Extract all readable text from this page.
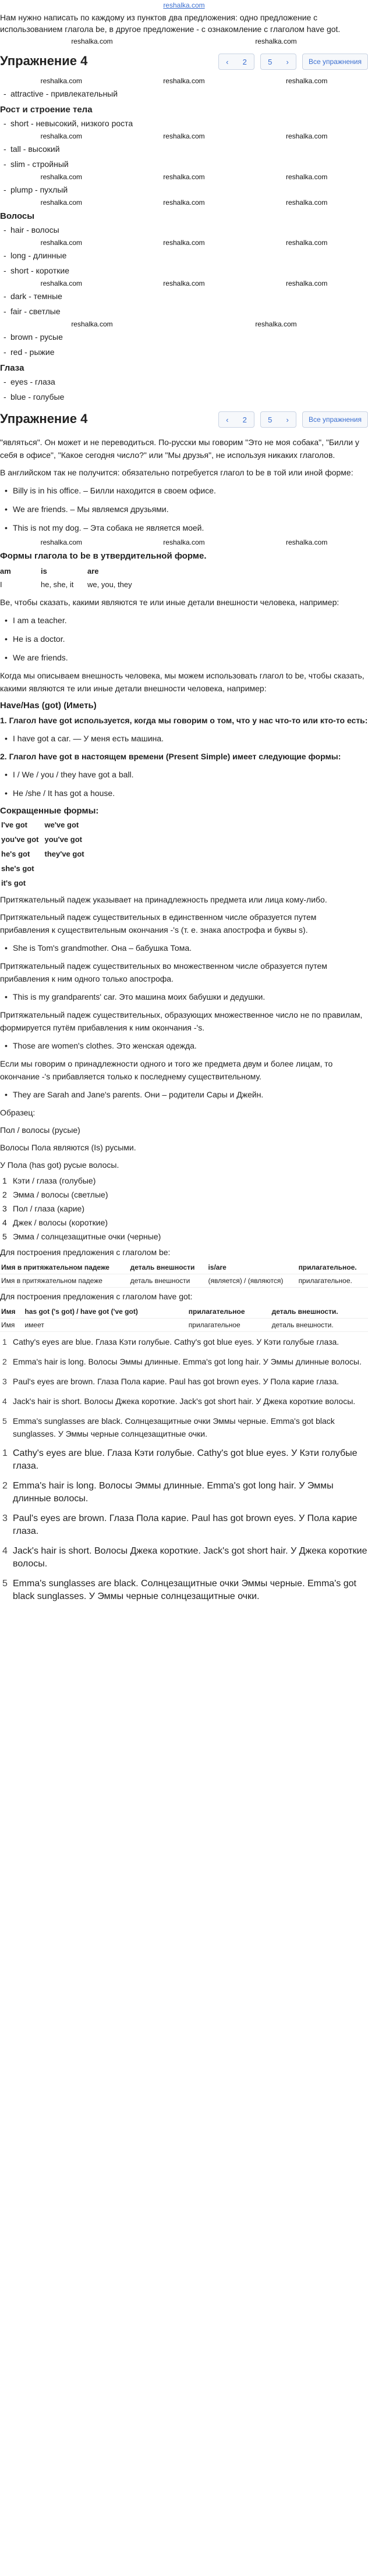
reshalka.com
Нам нужно написать по каждому из пунктов два предложения: одно предложение с использованием глагола be, в другое предложение - с ознакомление с глаголом have got.
reshalka.com	reshalka.com
Упражнение 4	‹ 2	5 ›	Все упражнения
reshalka.com	reshalka.com	reshalka.com
- attractive - привлекательный
Рост и строение тела
- short - невысокий, низкого роста
reshalka.com	reshalka.com	reshalka.com
- tall - высокий
- slim - стройный
reshalka.com	reshalka.com	reshalka.com
- plump - пухлый
reshalka.com	reshalka.com	reshalka.com
Волосы
- hair - волосы
reshalka.com	reshalka.com	reshalka.com
- long - длинные
- short - короткие
reshalka.com	reshalka.com	reshalka.com
- dark - темные
- fair - светлые
reshalka.com	reshalka.com
- brown - русые
- red - рыжие
Глаза
- eyes - глаза
- blue - голубые
Упражнение 4	‹ 2	5 ›	Все упражнения
"являться". Он может и не переводиться. По-русски мы говорим "Это не моя собака", "Билли у себя в офисе", "Какое сегодня число?" или "Мы друзья", не используя никаких глаголов.
В английском так не получится: обязательно потребуется глагол to be в той или иной форме:
• Billy is in his office. – Билли находится в своем офисе.
• We are friends. – Мы являемся друзьями.
• This is not my dog. – Эта собака не является моей.
reshalka.com	reshalka.com	reshalka.com
Формы глагола to be в утвердительной форме.
am	is	are
I	he, she, it	we, you, they
Be, чтобы сказать, какими являются те или иные детали внешности человека, например:
• I am a teacher.
• He is a doctor.
• We are friends.
Когда мы описываем внешность человека, мы можем использовать глагол to be, чтобы сказать, какими являются те или иные детали внешности человека, например:
Have/Has (got) (Иметь)
1. Глагол have got используется, когда мы говорим о том, что у нас что-то или кто-то есть:
• I have got a car. — У меня есть машина.
2. Глагол have got в настоящем времени (Present Simple) имеет следующие формы:
• I / We / you / they have got a ball.
• He /she / It has got a house.
Сокращенные формы:
I've got	we've got
you've got	you've got
he's got	they've got
she's got	
it's got	
Притяжательный падеж указывает на принадлежность предмета или лица кому-либо.
Притяжательный падеж существительных в единственном числе образуется путем прибавления к существительным окончания -'s (т. е. знака апострофа и буквы s).
• She is Tom's grandmother. Она – бабушка Тома.
Притяжательный падеж существительных во множественном числе образуется путем прибавления к ним одного только апострофа.
• This is my grandparents' car. Это машина моих бабушки и дедушки.
Притяжательный падеж существительных, образующих множественное число не по правилам, формируется путём прибавления к ним окончания -'s.
• Those are women's clothes. Это женская одежда.
Если мы говорим о принадлежности одного и того же предмета двум и более лицам, то окончание -'s прибавляется только к последнему существительному.
• They are Sarah and Jane's parents. Они – родители Сары и Джейн.
Образец:
Пол / волосы (русые)
Волосы Пола являются (Is) русыми.
У Пола (has got) русые волосы.
1 Кэти / глаза (голубые)
2 Эмма / волосы (светлые)
3 Пол / глаза (карие)
4 Джек / волосы (короткие)
5 Эмма / солнцезащитные очки (черные)
Для построения предложения с глаголом be:
Имя в притяжательном падеже	деталь внешности	is/are	прилагательное.
Имя в притяжательном падеже	деталь внешности	(является) / (являются)	прилагательное.
Для построения предложения с глаголом have got:
Имя	has got ('s got) / have got ('ve got)	прилагательное	деталь внешности.
Имя	имеет	прилагательное	деталь внешности.
1 Cathy's eyes are blue. Глаза Кэти голубые. Cathy's got blue eyes. У Кэти голубые глаза.
2 Emma's hair is long. Волосы Эммы длинные. Emma's got long hair. У Эммы длинные волосы.
3 Paul's eyes are brown. Глаза Пола карие. Paul has got brown eyes. У Пола карие глаза.
4 Jack's hair is short. Волосы Джека короткие. Jack's got short hair. У Джека короткие волосы.
5 Emma's sunglasses are black. Солнцезащитные очки Эммы черные. Emma's got black sunglasses. У Эммы черные солнцезащитные очки.
1 Cathy's eyes are blue. Глаза Кэти голубые. Cathy's got blue eyes. У Кэти голубые глаза.
2 Emma's hair is long. Волосы Эммы длинные. Emma's got long hair. У Эммы длинные волосы.
3 Paul's eyes are brown. Глаза Пола карие. Paul has got brown eyes. У Пола карие глаза.
4 Jack's hair is short. Волосы Джека короткие. Jack's got short hair. У Джека короткие волосы.
5 Emma's sunglasses are black. Солнцезащитные очки Эммы черные. Emma's got black sunglasses. У Эммы черные солнцезащитные очки.
